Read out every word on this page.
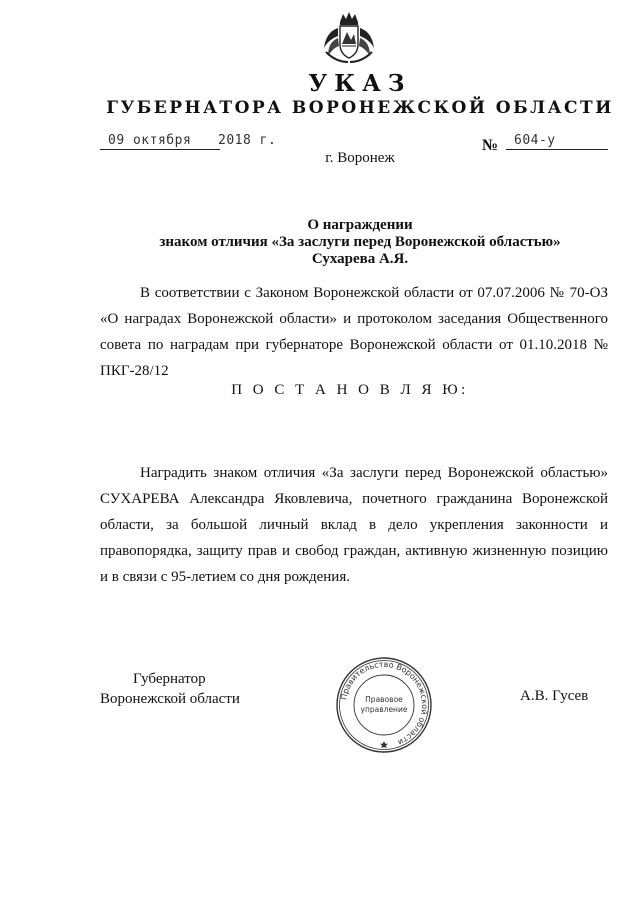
УКАЗ
ГУБЕРНАТОРА ВОРОНЕЖСКОЙ ОБЛАСТИ
09 октября 2018 г.	№ 604-у
г. Воронеж
О награждении
знаком отличия «За заслуги перед Воронежской областью»
Сухарева А.Я.
В соответствии с Законом Воронежской области от 07.07.2006 № 70-ОЗ «О наградах Воронежской области» и протоколом заседания Общественного совета по наградам при губернаторе Воронежской области от 01.10.2018 № ПКГ-28/12
П О С Т А Н О В Л Я Ю:
Наградить знаком отличия «За заслуги перед Воронежской областью» СУХАРЕВА Александра Яковлевича, почетного гражданина Воронежской области, за большой личный вклад в дело укрепления законности и правопорядка, защиту прав и свобод граждан, активную жизненную позицию и в связи с 95-летием со дня рождения.
Губернатор
Воронежской области	Правительство Воронежской области
Правовое
управление
А.В. Гусев
